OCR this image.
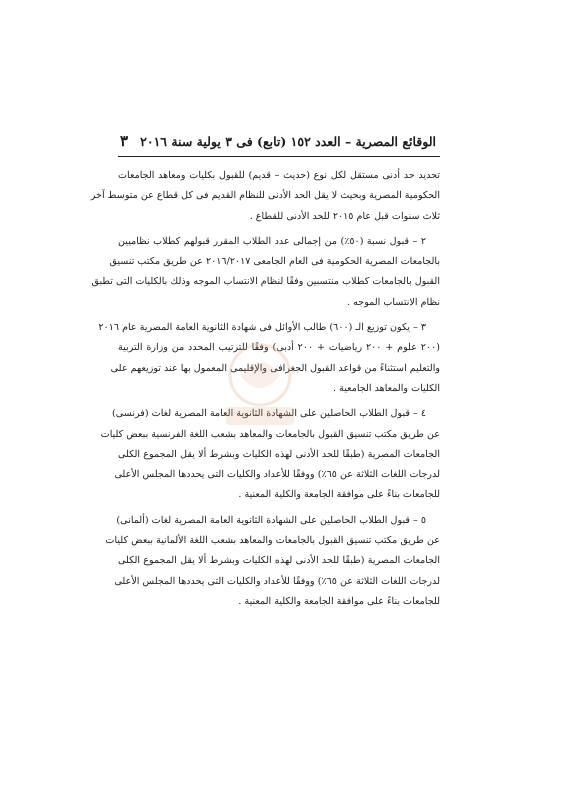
الوقائع المصرية – العدد ١٥٢ (تابع) فى ٣ يولية سنة ٢٠١٦
٣
تحديد حد أدنى مستقل لكل نوع (حديث – قديم) للقبول بكليات ومعاهد الجامعات
الحكومية المصرية وبحيث لا يقل الحد الأدنى للنظام القديم فى كل قطاع عن متوسط آخر
ثلاث سنوات قبل عام ٢٠١٥ للحد الأدنى للقطاع .
٢ – قبول نسبة (٥٠٪) من إجمالى عدد الطلاب المقرر قبولهم كطلاب نظاميين
بالجامعات المصرية الحكومية فى العام الجامعى ٢٠١٦/٢٠١٧ عن طريق مكتب تنسيق
القبول بالجامعات كطلاب منتسبين وفقًا لنظام الانتساب الموجه وذلك بالكليات التى تطبق
نظام الانتساب الموجه .
٣ – يكون توزيع الـ (٦٠٠) طالب الأوائل فى شهادة الثانوية العامة المصرية عام ٢٠١٦
(٢٠٠ علوم + ٢٠٠ رياضيات + ٢٠٠ أدبى) وفقًا للترتيب المحدد من وزارة التربية
والتعليم استثناءً من قواعد القبول الجغرافى والإقليمى المعمول بها عند توزيعهم على
الكليات والمعاهد الجامعية .
٤ – قبول الطلاب الحاصلين على الشهادة الثانوية العامة المصرية لغات (فرنسى)
عن طريق مكتب تنسيق القبول بالجامعات والمعاهد بشعب اللغة الفرنسية ببعض كليات
الجامعات المصرية (طبقًا للحد الأدنى لهذه الكليات وبشرط ألا يقل المجموع الكلى
لدرجات اللغات الثلاثة عن ٦٥٪) ووفقًا للأعداد والكليات التى يحددها المجلس الأعلى
للجامعات بناءً على موافقة الجامعة والكلية المعنية .
٥ – قبول الطلاب الحاصلين على الشهادة الثانوية العامة المصرية لغات (ألمانى)
عن طريق مكتب تنسيق القبول بالجامعات والمعاهد بشعب اللغة الألمانية ببعض كليات
الجامعات المصرية (طبقًا للحد الأدنى لهذه الكليات وبشرط ألا يقل المجموع الكلى
لدرجات اللغات الثلاثة عن ٦٥٪) ووفقًا للأعداد والكليات التى يحددها المجلس الأعلى
للجامعات بناءً على موافقة الجامعة والكلية المعنية .
